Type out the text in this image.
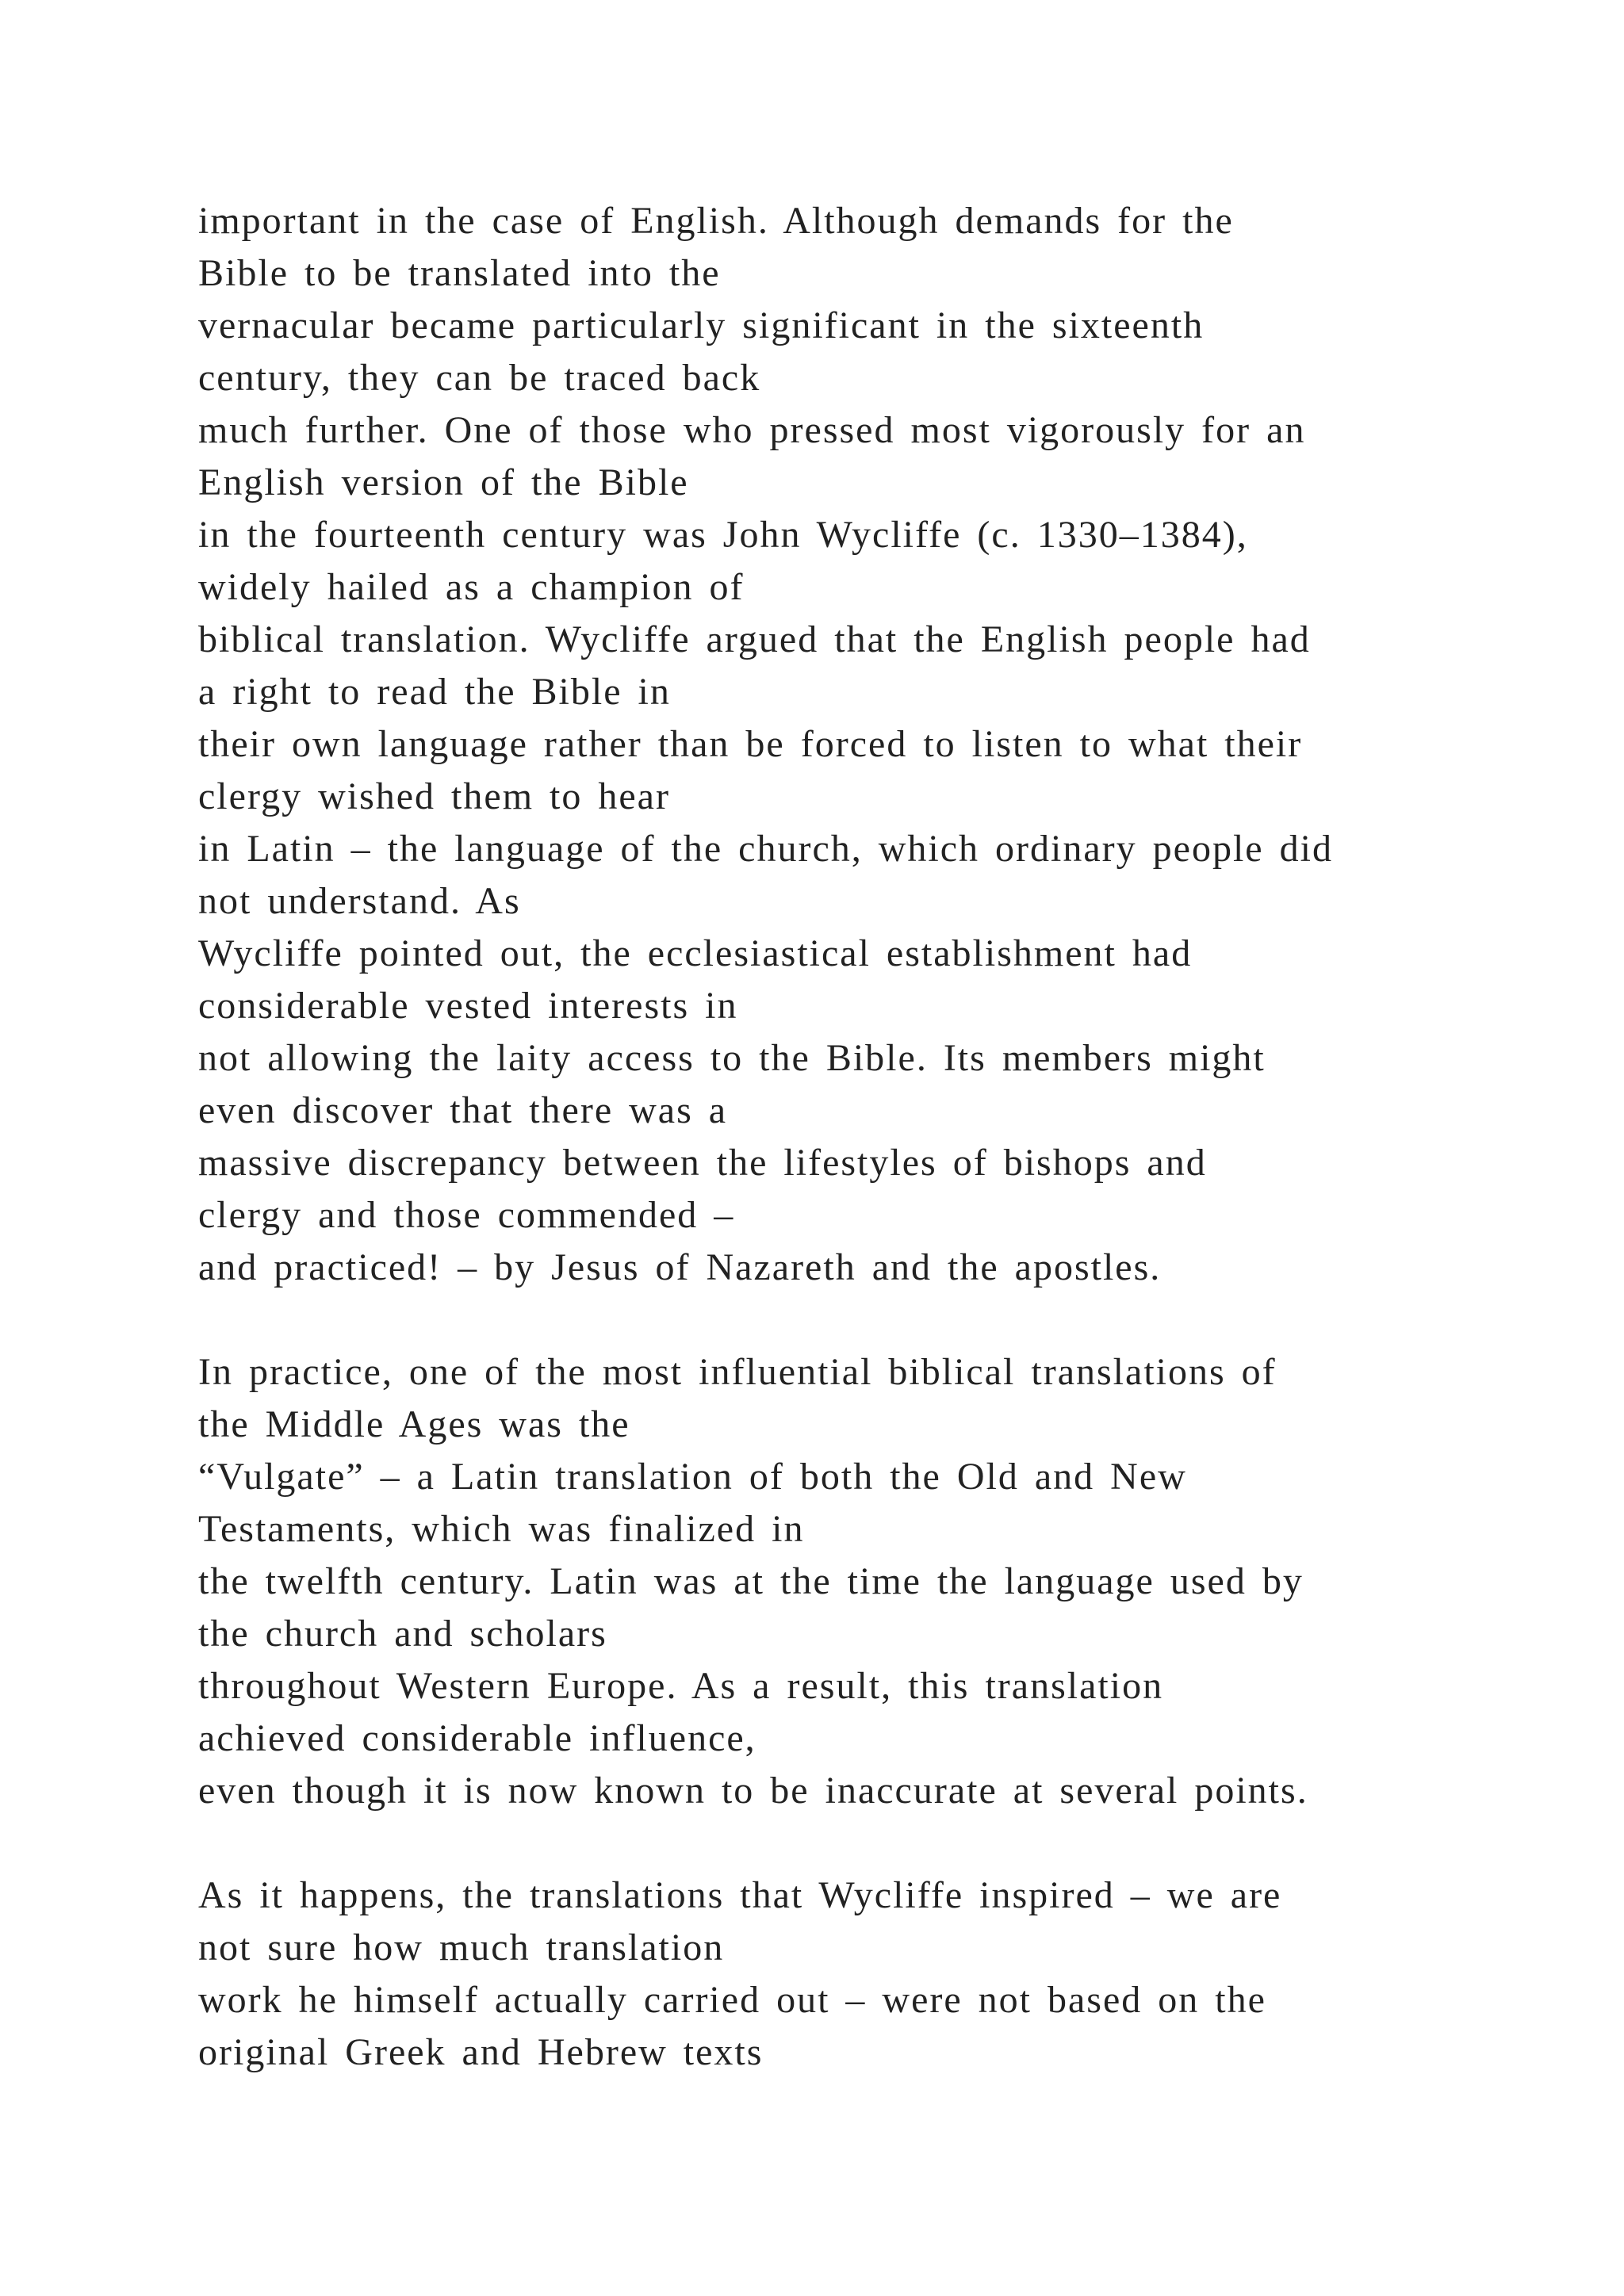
important in the case of English. Although demands for the
Bible to be translated into the
vernacular became particularly significant in the sixteenth
century, they can be traced back
much further. One of those who pressed most vigorously for an
English version of the Bible
in the fourteenth century was John Wycliffe (c. 1330–1384),
widely hailed as a champion of
biblical translation. Wycliffe argued that the English people had
a right to read the Bible in
their own language rather than be forced to listen to what their
clergy wished them to hear
in Latin – the language of the church, which ordinary people did
not understand. As
Wycliffe pointed out, the ecclesiastical establishment had
considerable vested interests in
not allowing the laity access to the Bible. Its members might
even discover that there was a
massive discrepancy between the lifestyles of bishops and
clergy and those commended –
and practiced! – by Jesus of Nazareth and the apostles.
In practice, one of the most influential biblical translations of
the Middle Ages was the
“Vulgate” – a Latin translation of both the Old and New
Testaments, which was finalized in
the twelfth century. Latin was at the time the language used by
the church and scholars
throughout Western Europe. As a result, this translation
achieved considerable influence,
even though it is now known to be inaccurate at several points.
As it happens, the translations that Wycliffe inspired – we are
not sure how much translation
work he himself actually carried out – were not based on the
original Greek and Hebrew texts
